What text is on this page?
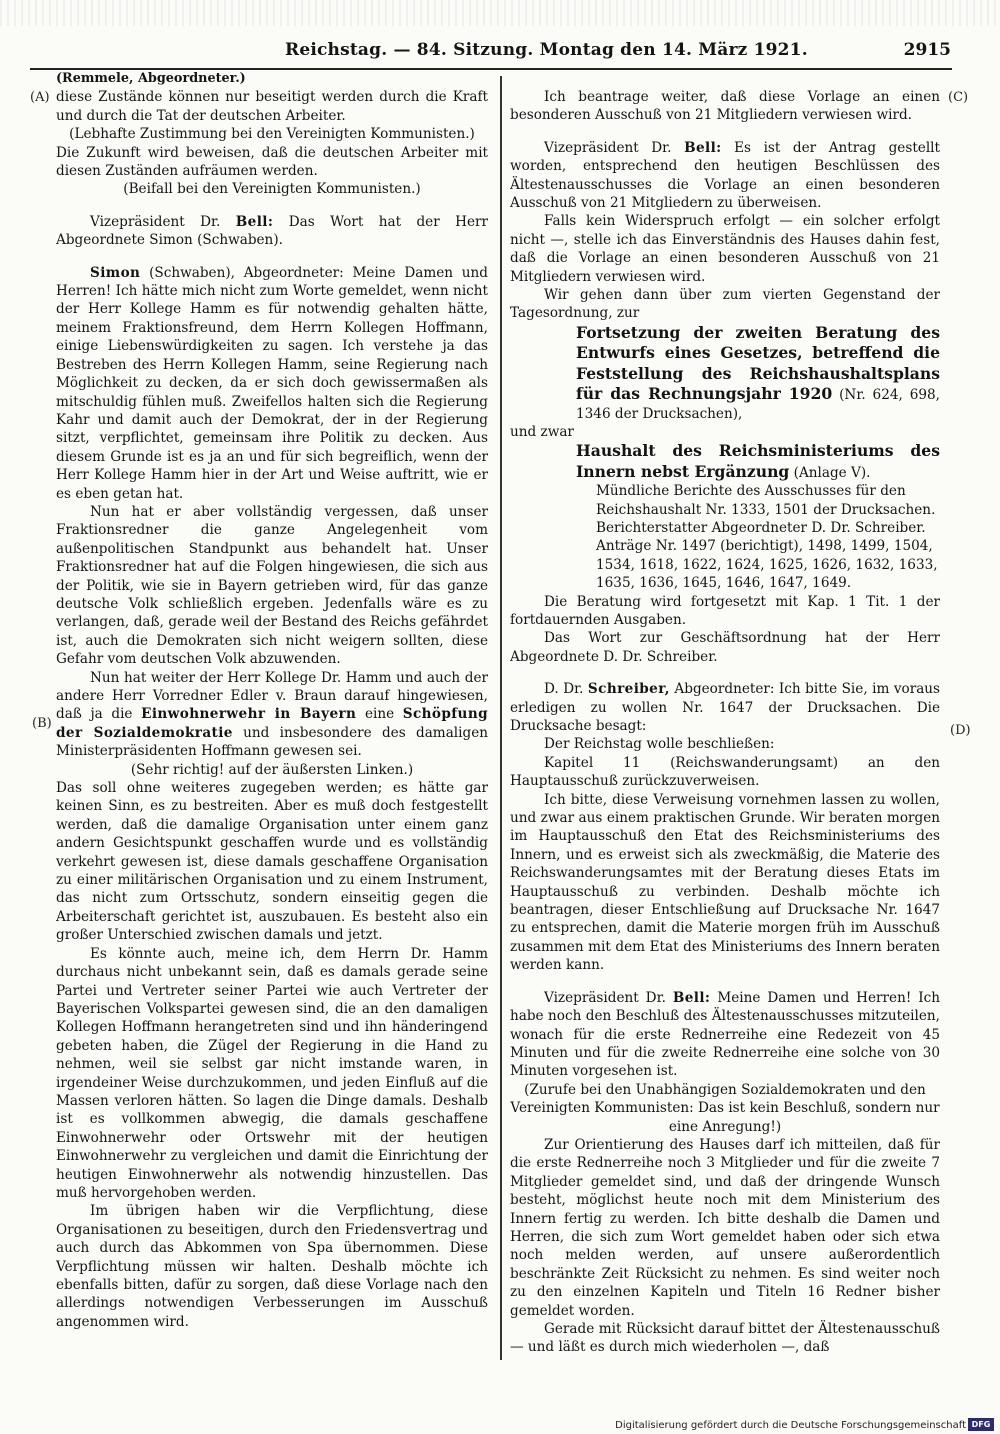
Reichstag. — 84. Sitzung. Montag den 14. März 1921.	2915
(A)
(B)
(C)
(D)

(Remmele, Abgeordneter.)

diese Zustände können nur beseitigt werden durch die Kraft und durch die Tat der deutschen Arbeiter.

(Lebhafte Zustimmung bei den Vereinigten Kommunisten.)

Die Zukunft wird beweisen, daß die deutschen Arbeiter mit diesen Zuständen aufräumen werden.

(Beifall bei den Vereinigten Kommunisten.)

Vizepräsident Dr. Bell: Das Wort hat der Herr Abgeordnete Simon (Schwaben).

Simon (Schwaben), Abgeordneter: Meine Damen und Herren! Ich hätte mich nicht zum Worte gemeldet, wenn nicht der Herr Kollege Hamm es für notwendig gehalten hätte, meinem Fraktionsfreund, dem Herrn Kollegen Hoffmann, einige Liebenswürdigkeiten zu sagen. Ich verstehe ja das Bestreben des Herrn Kollegen Hamm, seine Regierung nach Möglichkeit zu decken, da er sich doch gewissermaßen als mitschuldig fühlen muß. Zweifellos halten sich die Regierung Kahr und damit auch der Demokrat, der in der Regierung sitzt, verpflichtet, gemeinsam ihre Politik zu decken. Aus diesem Grunde ist es ja an und für sich begreiflich, wenn der Herr Kollege Hamm hier in der Art und Weise auftritt, wie er es eben getan hat.

Nun hat er aber vollständig vergessen, daß unser Fraktionsredner die ganze Angelegenheit vom außenpolitischen Standpunkt aus behandelt hat. Unser Fraktionsredner hat auf die Folgen hingewiesen, die sich aus der Politik, wie sie in Bayern getrieben wird, für das ganze deutsche Volk schließlich ergeben. Jedenfalls wäre es zu verlangen, daß, gerade weil der Bestand des Reichs gefährdet ist, auch die Demokraten sich nicht weigern sollten, diese Gefahr vom deutschen Volk abzuwenden.

Nun hat weiter der Herr Kollege Dr. Hamm und auch der andere Herr Vorredner Edler v. Braun darauf hingewiesen, daß ja die Einwohnerwehr in Bayern eine Schöpfung der Sozialdemokratie und insbesondere des damaligen Ministerpräsidenten Hoffmann gewesen sei.

(Sehr richtig! auf der äußersten Linken.)

Das soll ohne weiteres zugegeben werden; es hätte gar keinen Sinn, es zu bestreiten. Aber es muß doch festgestellt werden, daß die damalige Organisation unter einem ganz andern Gesichtspunkt geschaffen wurde und es vollständig verkehrt gewesen ist, diese damals geschaffene Organisation zu einer militärischen Organisation und zu einem Instrument, das nicht zum Ortsschutz, sondern einseitig gegen die Arbeiterschaft gerichtet ist, auszubauen. Es besteht also ein großer Unterschied zwischen damals und jetzt.

Es könnte auch, meine ich, dem Herrn Dr. Hamm durchaus nicht unbekannt sein, daß es damals gerade seine Partei und Vertreter seiner Partei wie auch Vertreter der Bayerischen Volkspartei gewesen sind, die an den damaligen Kollegen Hoffmann herangetreten sind und ihn händeringend gebeten haben, die Zügel der Regierung in die Hand zu nehmen, weil sie selbst gar nicht imstande waren, in irgendeiner Weise durchzukommen, und jeden Einfluß auf die Massen verloren hätten. So lagen die Dinge damals. Deshalb ist es vollkommen abwegig, die damals geschaffene Einwohnerwehr oder Ortswehr mit der heutigen Einwohnerwehr zu vergleichen und damit die Einrichtung der heutigen Einwohnerwehr als notwendig hinzustellen. Das muß hervorgehoben werden.

Im übrigen haben wir die Verpflichtung, diese Organisationen zu beseitigen, durch den Friedensvertrag und auch durch das Abkommen von Spa übernommen. Diese Verpflichtung müssen wir halten. Deshalb möchte ich ebenfalls bitten, dafür zu sorgen, daß diese Vorlage nach den allerdings notwendigen Verbesserungen im Ausschuß angenommen wird.

Ich beantrage weiter, daß diese Vorlage an einen besonderen Ausschuß von 21 Mitgliedern verwiesen wird.

Vizepräsident Dr. Bell: Es ist der Antrag gestellt worden, entsprechend den heutigen Beschlüssen des Ältestenausschusses die Vorlage an einen besonderen Ausschuß von 21 Mitgliedern zu überweisen.

Falls kein Widerspruch erfolgt — ein solcher erfolgt nicht —, stelle ich das Einverständnis des Hauses dahin fest, daß die Vorlage an einen besonderen Ausschuß von 21 Mitgliedern verwiesen wird.

Wir gehen dann über zum vierten Gegenstand der Tagesordnung, zur

Fortsetzung der zweiten Beratung des Entwurfs eines Gesetzes, betreffend die Feststellung des Reichshaushaltsplans für das Rechnungsjahr 1920 (Nr. 624, 698, 1346 der Drucksachen),

und zwar

Haushalt des Reichsministeriums des Innern nebst Ergänzung (Anlage V).

Mündliche Berichte des Ausschusses für den Reichshaushalt Nr. 1333, 1501 der Drucksachen.

Berichterstatter Abgeordneter D. Dr. Schreiber.

Anträge Nr. 1497 (berichtigt), 1498, 1499, 1504, 1534, 1618, 1622, 1624, 1625, 1626, 1632, 1633, 1635, 1636, 1645, 1646, 1647, 1649.

Die Beratung wird fortgesetzt mit Kap. 1 Tit. 1 der fortdauernden Ausgaben.

Das Wort zur Geschäftsordnung hat der Herr Abgeordnete D. Dr. Schreiber.

D. Dr. Schreiber, Abgeordneter: Ich bitte Sie, im voraus erledigen zu wollen Nr. 1647 der Drucksachen. Die Drucksache besagt:

Der Reichstag wolle beschließen:

Kapitel 11 (Reichswanderungsamt) an den Hauptausschuß zurückzuverweisen.

Ich bitte, diese Verweisung vornehmen lassen zu wollen, und zwar aus einem praktischen Grunde. Wir beraten morgen im Hauptausschuß den Etat des Reichsministeriums des Innern, und es erweist sich als zweckmäßig, die Materie des Reichswanderungsamtes mit der Beratung dieses Etats im Hauptausschuß zu verbinden. Deshalb möchte ich beantragen, dieser Entschließung auf Drucksache Nr. 1647 zu entsprechen, damit die Materie morgen früh im Ausschuß zusammen mit dem Etat des Ministeriums des Innern beraten werden kann.

Vizepräsident Dr. Bell: Meine Damen und Herren! Ich habe noch den Beschluß des Ältestenausschusses mitzuteilen, wonach für die erste Rednerreihe eine Redezeit von 45 Minuten und für die zweite Rednerreihe eine solche von 30 Minuten vorgesehen ist.

(Zurufe bei den Unabhängigen Sozialdemokraten und den Vereinigten Kommunisten: Das ist kein Beschluß, sondern nur eine Anregung!)

Zur Orientierung des Hauses darf ich mitteilen, daß für die erste Rednerreihe noch 3 Mitglieder und für die zweite 7 Mitglieder gemeldet sind, und daß der dringende Wunsch besteht, möglichst heute noch mit dem Ministerium des Innern fertig zu werden. Ich bitte deshalb die Damen und Herren, die sich zum Wort gemeldet haben oder sich etwa noch melden werden, auf unsere außerordentlich beschränkte Zeit Rücksicht zu nehmen. Es sind weiter noch zu den einzelnen Kapiteln und Titeln 16 Redner bisher gemeldet worden.

Gerade mit Rücksicht darauf bittet der Ältestenausschuß — und läßt es durch mich wiederholen —, daß

Digitalisierung gefördert durch die Deutsche Forschungsgemeinschaft DFG
